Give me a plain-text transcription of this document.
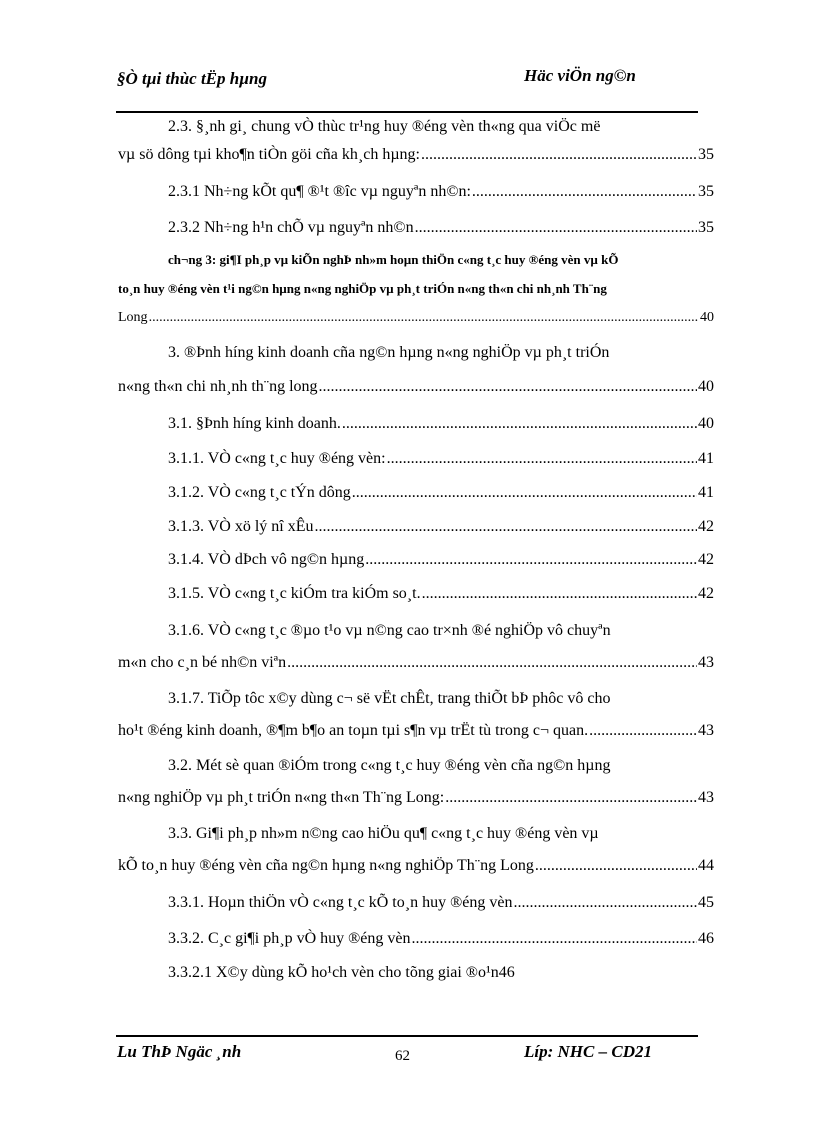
§Ò tµi thùc tËp hµng	Häc viÖn ng©n
2.3. §¸nh gi¸ chung vÒ thùc tr¹ng huy ®éng vèn th«ng qua viÖc më
vµ sö dông tµi kho¶n tiÒn göi cña kh¸ch hµng: .....	35
2.3.1 Nh÷ng kÕt qu¶ ®¹t ®îc vµ nguyªn nh©n: .....	35
2.3.2 Nh÷ng h¹n chÕ vµ nguyªn nh©n .....	35
ch¬ng 3: gi¶I ph¸p vµ kiÕn nghÞ nh»m hoµn thiÖn c«ng t¸c huy ®éng vèn vµ kÕ
to¸n huy ®éng vèn t¹i ng©n hµng n«ng nghiÖp vµ ph¸t triÓn n«ng th«n chi nh¸nh Th¨ng
Long .....	40
3. ®Þnh híng kinh doanh cña ng©n hµng n«ng nghiÖp vµ ph¸t triÓn
n«ng th«n chi nh¸nh th¨ng long .....	40
3.1. §Þnh híng kinh doanh. .....	40
3.1.1. VÒ c«ng t¸c huy ®éng vèn: .....	41
3.1.2. VÒ c«ng t¸c tÝn dông .....	41
3.1.3. VÒ xö lý nî xÊu .....	42
3.1.4. VÒ dÞch vô ng©n hµng .....	42
3.1.5. VÒ c«ng t¸c kiÓm tra kiÓm so¸t. .....	42
3.1.6. VÒ c«ng t¸c ®µo t¹o vµ n©ng cao tr×nh ®é nghiÖp vô chuyªn
m«n cho c¸n bé nh©n viªn .....	43
3.1.7. TiÕp tôc x©y dùng c¬ së vËt chÊt, trang thiÕt bÞ phôc vô cho
ho¹t ®éng kinh doanh, ®¶m b¶o an toµn tµi s¶n vµ trËt tù trong c¬ quan. .....	43
3.2. Mét sè quan ®iÓm trong c«ng t¸c huy ®éng vèn cña ng©n hµng
n«ng nghiÖp vµ ph¸t triÓn n«ng th«n Th¨ng Long: .....	43
3.3. Gi¶i ph¸p nh»m n©ng cao hiÖu qu¶ c«ng t¸c huy ®éng vèn vµ
kÕ to¸n huy ®éng vèn cña ng©n hµng n«ng nghiÖp Th¨ng Long .....	44
3.3.1. Hoµn thiÖn vÒ c«ng t¸c kÕ to¸n huy ®éng vèn .....	45
3.3.2. C¸c gi¶i ph¸p vÒ huy ®éng vèn .....	46
3.3.2.1 X©y dùng kÕ ho¹ch vèn cho tõng giai ®o¹n46
Lu ThÞ Ngäc ¸nh	62	Líp: NHC – CD21
